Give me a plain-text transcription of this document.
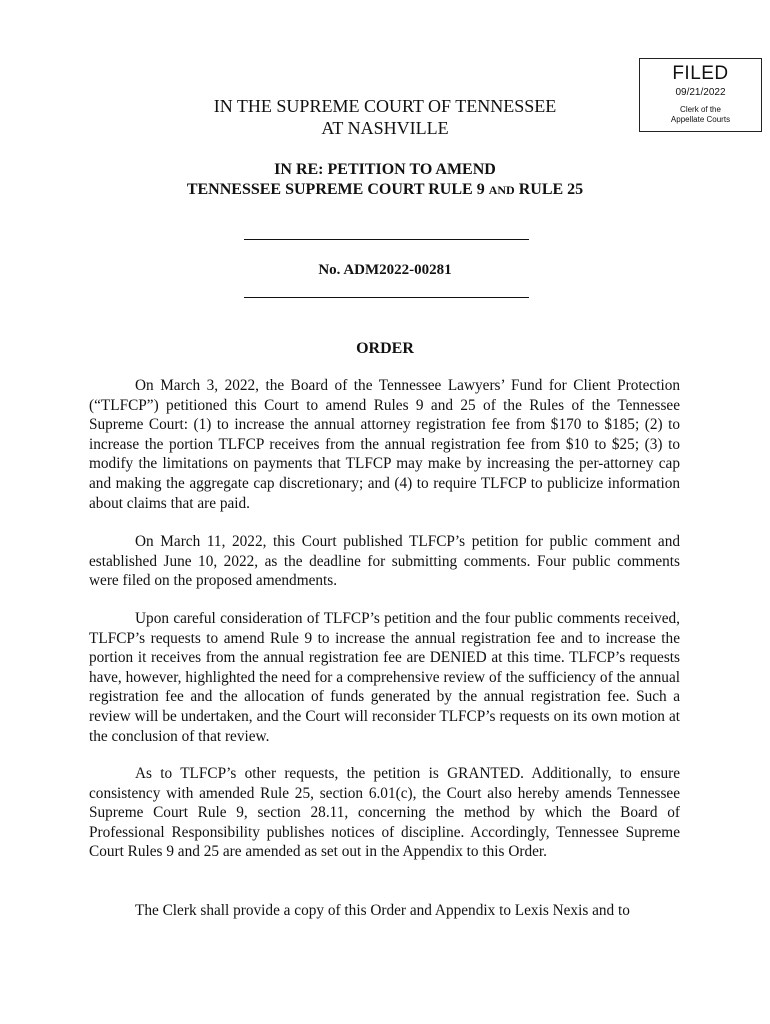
FILED
09/21/2022
Clerk of the
Appellate Courts
IN THE SUPREME COURT OF TENNESSEE
AT NASHVILLE
IN RE: PETITION TO AMEND
TENNESSEE SUPREME COURT RULE 9 AND RULE 25
No. ADM2022-00281
ORDER

On March 3, 2022, the Board of the Tennessee Lawyers’ Fund for Client Protection (“TLFCP”) petitioned this Court to amend Rules 9 and 25 of the Rules of the Tennessee Supreme Court: (1) to increase the annual attorney registration fee from $170 to $185; (2) to increase the portion TLFCP receives from the annual registration fee from $10 to $25; (3) to modify the limitations on payments that TLFCP may make by increasing the per-attorney cap and making the aggregate cap discretionary; and (4) to require TLFCP to publicize information about claims that are paid.

On March 11, 2022, this Court published TLFCP’s petition for public comment and established June 10, 2022, as the deadline for submitting comments. Four public comments were filed on the proposed amendments.

Upon careful consideration of TLFCP’s petition and the four public comments received, TLFCP’s requests to amend Rule 9 to increase the annual registration fee and to increase the portion it receives from the annual registration fee are DENIED at this time. TLFCP’s requests have, however, highlighted the need for a comprehensive review of the sufficiency of the annual registration fee and the allocation of funds generated by the annual registration fee. Such a review will be undertaken, and the Court will reconsider TLFCP’s requests on its own motion at the conclusion of that review.

As to TLFCP’s other requests, the petition is GRANTED. Additionally, to ensure consistency with amended Rule 25, section 6.01(c), the Court also hereby amends Tennessee Supreme Court Rule 9, section 28.11, concerning the method by which the Board of Professional Responsibility publishes notices of discipline. Accordingly, Tennessee Supreme Court Rules 9 and 25 are amended as set out in the Appendix to this Order.

The Clerk shall provide a copy of this Order and Appendix to Lexis Nexis and to
